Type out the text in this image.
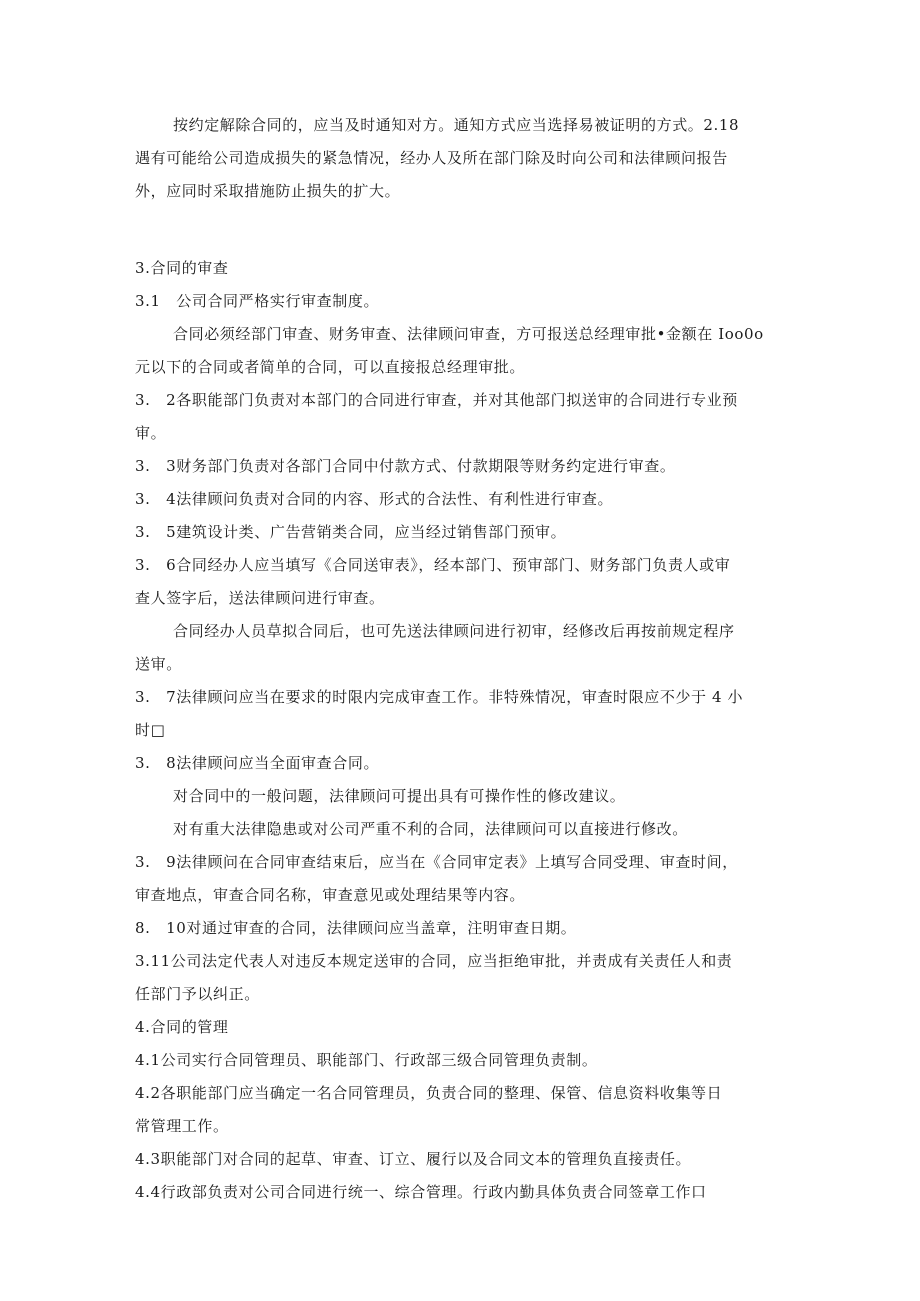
按约定解除合同的，应当及时通知对方。通知方式应当选择易被证明的方式。2.18
遇有可能给公司造成损失的紧急情况，经办人及所在部门除及时向公司和法律顾问报告
外，应同时采取措施防止损失的扩大。
3.合同的审查
3.1　公司合同严格实行审查制度。
合同必须经部门审查、财务审查、法律顾问审查，方可报送总经理审批•金额在 Ioo0o
元以下的合同或者简单的合同，可以直接报总经理审批。
3.　2各职能部门负责对本部门的合同进行审查，并对其他部门拟送审的合同进行专业预
审。
3.　3财务部门负责对各部门合同中付款方式、付款期限等财务约定进行审查。
3.　4法律顾问负责对合同的内容、形式的合法性、有利性进行审查。
3.　5建筑设计类、广告营销类合同，应当经过销售部门预审。
3.　6合同经办人应当填写《合同送审表》，经本部门、预审部门、财务部门负责人或审
查人签字后，送法律顾问进行审查。
合同经办人员草拟合同后，也可先送法律顾问进行初审，经修改后再按前规定程序
送审。
3.　7法律顾问应当在要求的时限内完成审查工作。非特殊情况，审查时限应不少于 4 小
时□
3.　8法律顾问应当全面审查合同。
对合同中的一般问题，法律顾问可提出具有可操作性的修改建议。
对有重大法律隐患或对公司严重不利的合同，法律顾问可以直接进行修改。
3.　9法律顾问在合同审查结束后，应当在《合同审定表》上填写合同受理、审查时间，
审查地点，审查合同名称，审查意见或处理结果等内容。
8.　10对通过审查的合同，法律顾问应当盖章，注明审查日期。
3.11公司法定代表人对违反本规定送审的合同，应当拒绝审批，并责成有关责任人和责
任部门予以纠正。
4.合同的管理
4.1公司实行合同管理员、职能部门、行政部三级合同管理负责制。
4.2各职能部门应当确定一名合同管理员，负责合同的整理、保管、信息资料收集等日
常管理工作。
4.3职能部门对合同的起草、审查、订立、履行以及合同文本的管理负直接责任。
4.4行政部负责对公司合同进行统一、综合管理。行政内勤具体负责合同签章工作口
